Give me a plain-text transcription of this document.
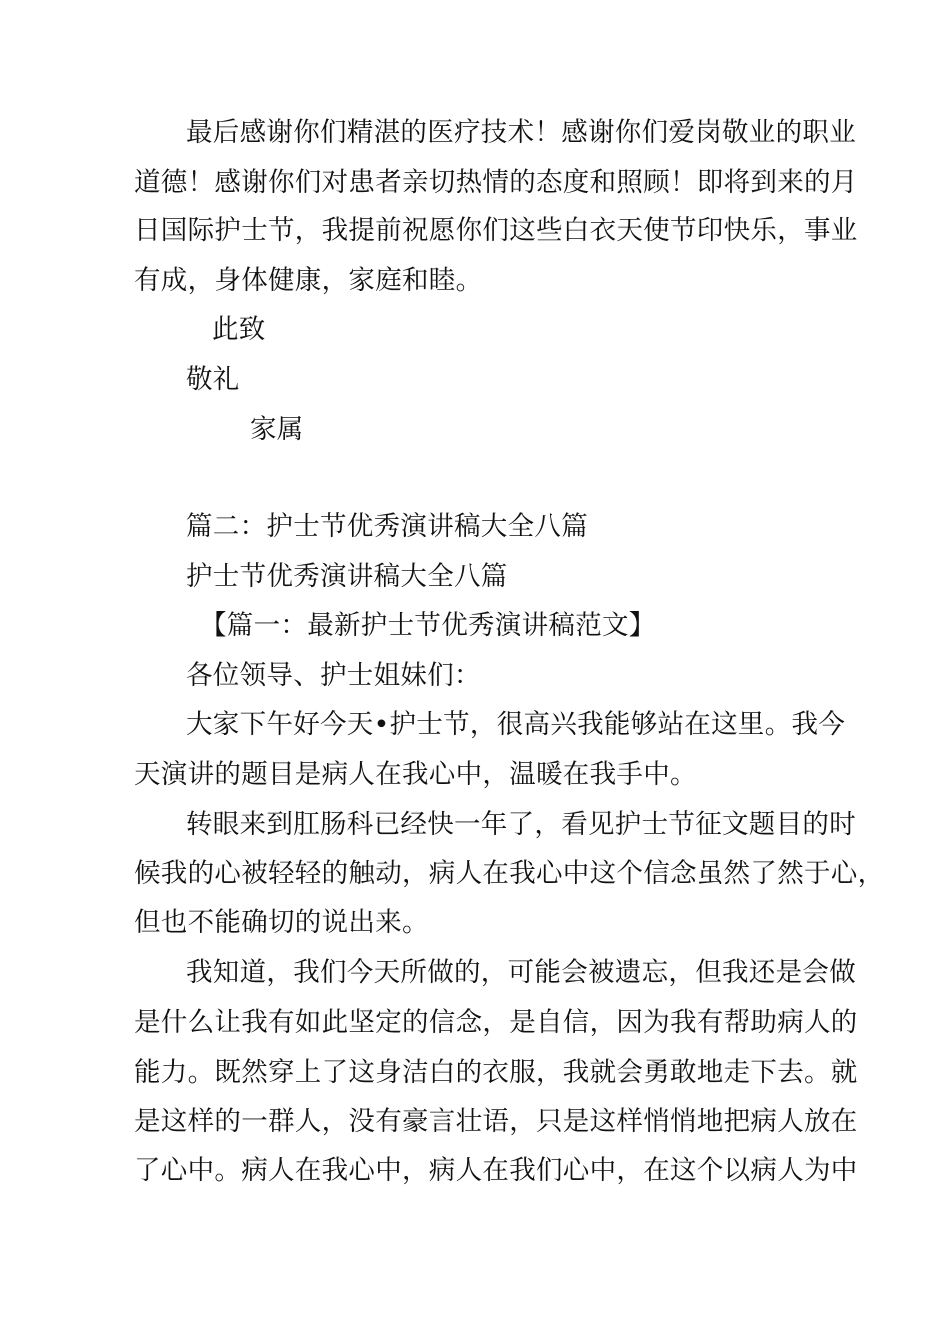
最后感谢你们精湛的医疗技术！感谢你们爱岗敬业的职业
道德！感谢你们对患者亲切热情的态度和照顾！即将到来的月
日国际护士节，我提前祝愿你们这些白衣天使节印快乐，事业
有成，身体健康，家庭和睦。
此致
敬礼
家属
篇二：护士节优秀演讲稿大全八篇
护士节优秀演讲稿大全八篇
【篇一：最新护士节优秀演讲稿范文】
各位领导、护士姐妹们：
大家下午好今天•护士节，很高兴我能够站在这里。我今
天演讲的题目是病人在我心中，温暖在我手中。
转眼来到肛肠科已经快一年了，看见护士节征文题目的时
候我的心被轻轻的触动，病人在我心中这个信念虽然了然于心，
但也不能确切的说出来。
我知道，我们今天所做的，可能会被遗忘，但我还是会做
是什么让我有如此坚定的信念，是自信，因为我有帮助病人的
能力。既然穿上了这身洁白的衣服，我就会勇敢地走下去。就
是这样的一群人，没有豪言壮语，只是这样悄悄地把病人放在
了心中。病人在我心中，病人在我们心中，在这个以病人为中
